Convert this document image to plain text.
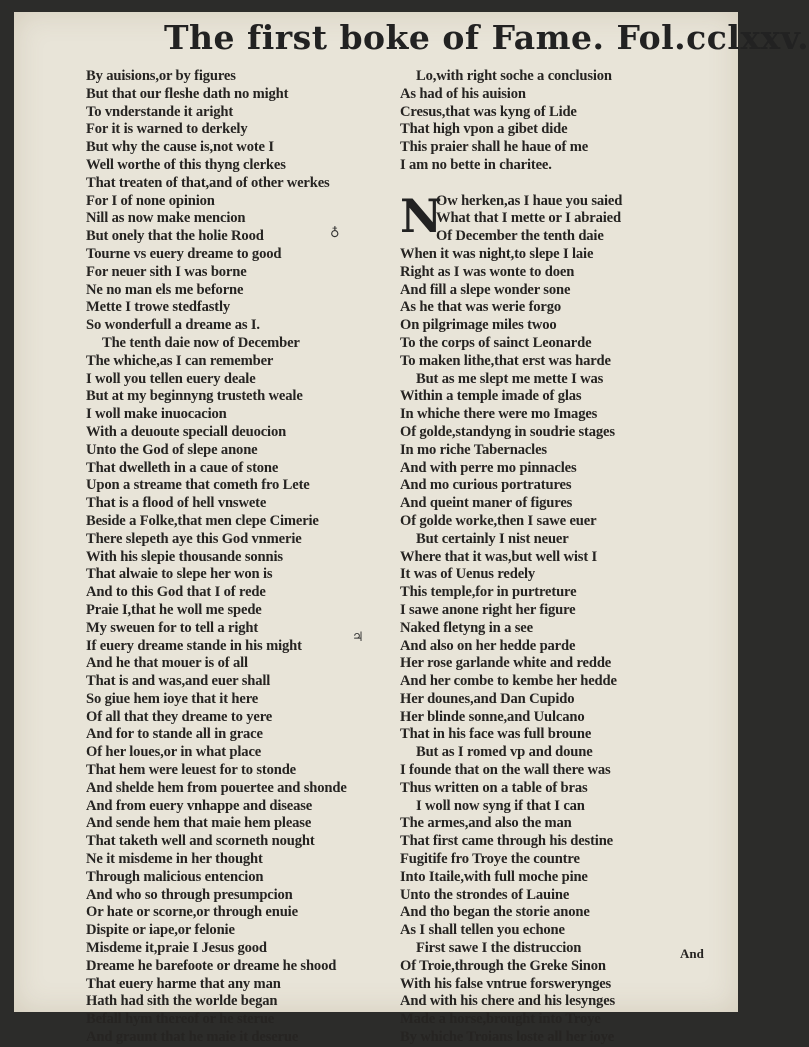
The first boke of Fame. Fol.cclxxv.
By auisions,or by figures
But that our fleshe dath no might
To vnderstande it aright
For it is warned to derkely
But why the cause is,not wote I
Well worthe of this thyng clerkes
That treaten of that,and of other werkes
For I of none opinion
Nill as now make mencion
But onely that the holie Rood
Tourne vs euery dreame to good
For neuer sith I was borne
Ne no man els me beforne
Mette I trowe stedfastly
So wonderfull a dreame as I.
The tenth daie now of December
The whiche,as I can remember
I woll you tellen euery deale
But at my beginnyng trusteth weale
I woll make inuocacion
With a deuoute speciall deuocion
Unto the God of slepe anone
That dwelleth in a caue of stone
Upon a streame that cometh fro Lete
That is a flood of hell vnswete
Beside a Folke,that men clepe Cimerie
There slepeth aye this God vnmerie
With his slepie thousande sonnis
That alwaie to slepe her won is
And to this God that I of rede
Praie I,that he woll me spede
My sweuen for to tell a right
If euery dreame stande in his might
And he that mouer is of all
That is and was,and euer shall
So giue hem ioye that it here
Of all that they dreame to yere
And for to stande all in grace
Of her loues,or in what place
That hem were leuest for to stonde
And shelde hem from pouertee and shonde
And from euery vnhappe and disease
And sende hem that maie hem please
That taketh well and scorneth nought
Ne it misdeme in her thought
Through malicious entencion
And who so through presumpcion
Or hate or scorne,or through enuie
Dispite or iape,or felonie
Misdeme it,praie I Jesus good
Dreame he barefoote or dreame he shood
That euery harme that any man
Hath had sith the worlde began
Befall hym thereof or he sterue
And graunt that he maie it deserue
Lo,with right soche a conclusion
As had of his auision
Cresus,that was kyng of Lide
That high vpon a gibet dide
This praier shall he haue of me
I am no bette in charitee.
N
Ow herken,as I haue you saied
What that I mette or I abraied
Of December the tenth daie
When it was night,to slepe I laie
Right as I was wonte to doen
And fill a slepe wonder sone
As he that was werie forgo
On pilgrimage miles twoo
To the corps of sainct Leonarde
To maken lithe,that erst was harde
But as me slept me mette I was
Within a temple imade of glas
In whiche there were mo Images
Of golde,standyng in soudrie stages
In mo riche Tabernacles
And with perre mo pinnacles
And mo curious portratures
And queint maner of figures
Of golde worke,then I sawe euer
But certainly I nist neuer
Where that it was,but well wist I
It was of Uenus redely
This temple,for in purtreture
I sawe anone right her figure
Naked fletyng in a see
And also on her hedde parde
Her rose garlande white and redde
And her combe to kembe her hedde
Her dounes,and Dan Cupido
Her blinde sonne,and Uulcano
That in his face was full broune
But as I romed vp and doune
I founde that on the wall there was
Thus written on a table of bras
I woll now syng if that I can
The armes,and also the man
That first came through his destine
Fugitife fro Troye the countre
Into Itaile,with full moche pine
Unto the strondes of Lauine
And tho began the storie anone
As I shall tellen you echone
First sawe I the distruccion
Of Troie,through the Greke Sinon
With his false vntrue forswerynges
And with his chere and his lesynges
Made a horse,brought into Troye
By whiche Troians loste all her ioye
♁
♃
And
